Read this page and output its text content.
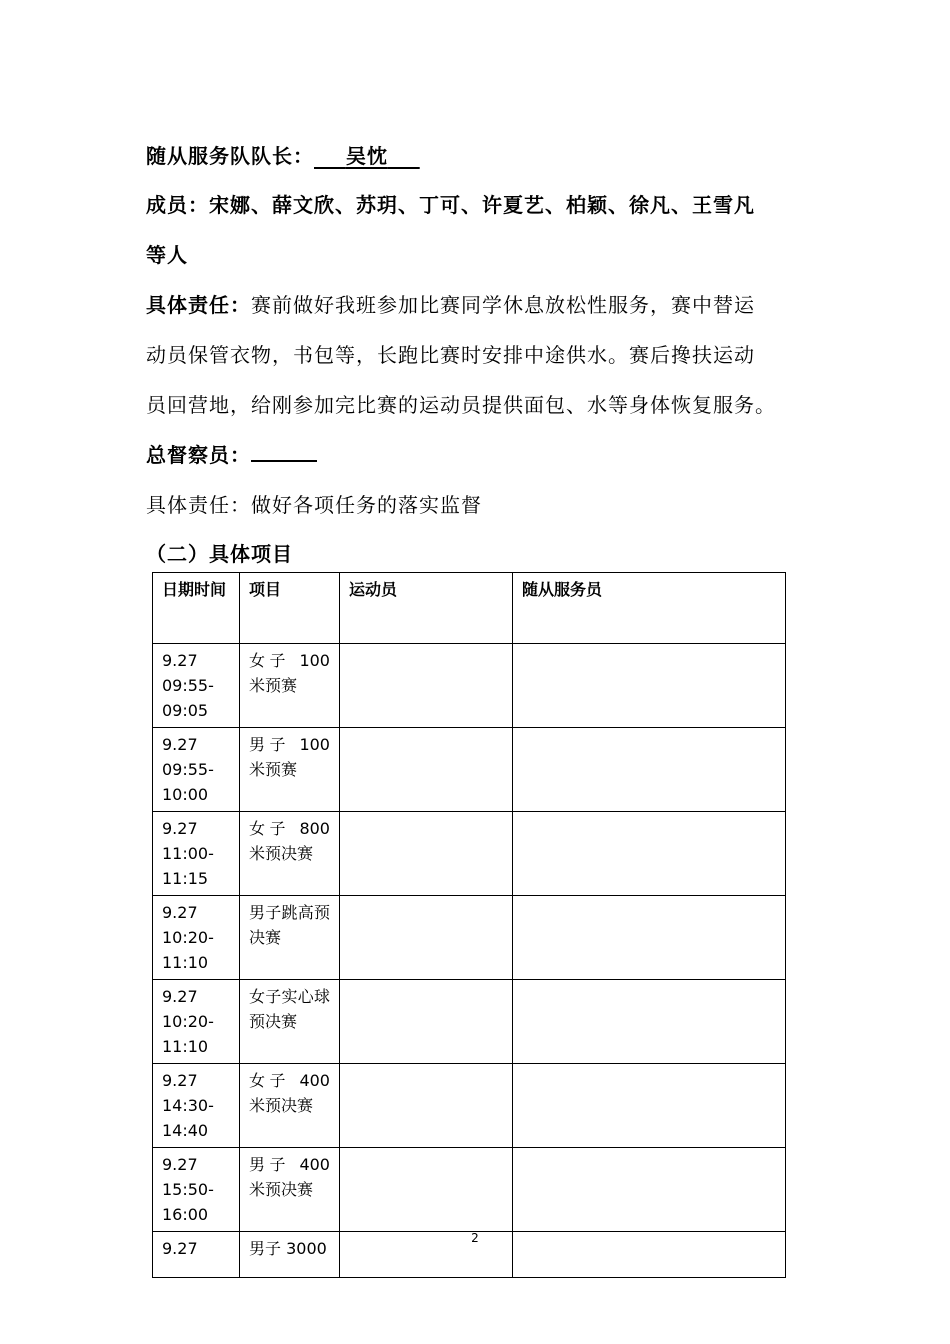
随从服务队队长： 吴忱
成员：宋娜、薛文欣、苏玥、丁可、许夏艺、柏颖、徐凡、王雪凡
等人
具体责任：赛前做好我班参加比赛同学休息放松性服务，赛中替运
动员保管衣物，书包等，长跑比赛时安排中途供水。赛后搀扶运动
员回营地，给刚参加完比赛的运动员提供面包、水等身体恢复服务。
总督察员：
具体责任：做好各项任务的落实监督
（二）具体项目
日期时间	项目	运动员	随从服务员
9.27
09:55-
09:05	女子 100 米预赛		
9.27
09:55-
10:00	男子 100 米预赛		
9.27
11:00-
11:15	女子 800 米预决赛		
9.27
10:20-
11:10	男子跳高预决赛		
9.27
10:20-
11:10	女子实心球预决赛		
9.27
14:30-
14:40	女子 400 米预决赛		
9.27
15:50-
16:00	男子 400 米预决赛		
9.27	男子 3000		
2
